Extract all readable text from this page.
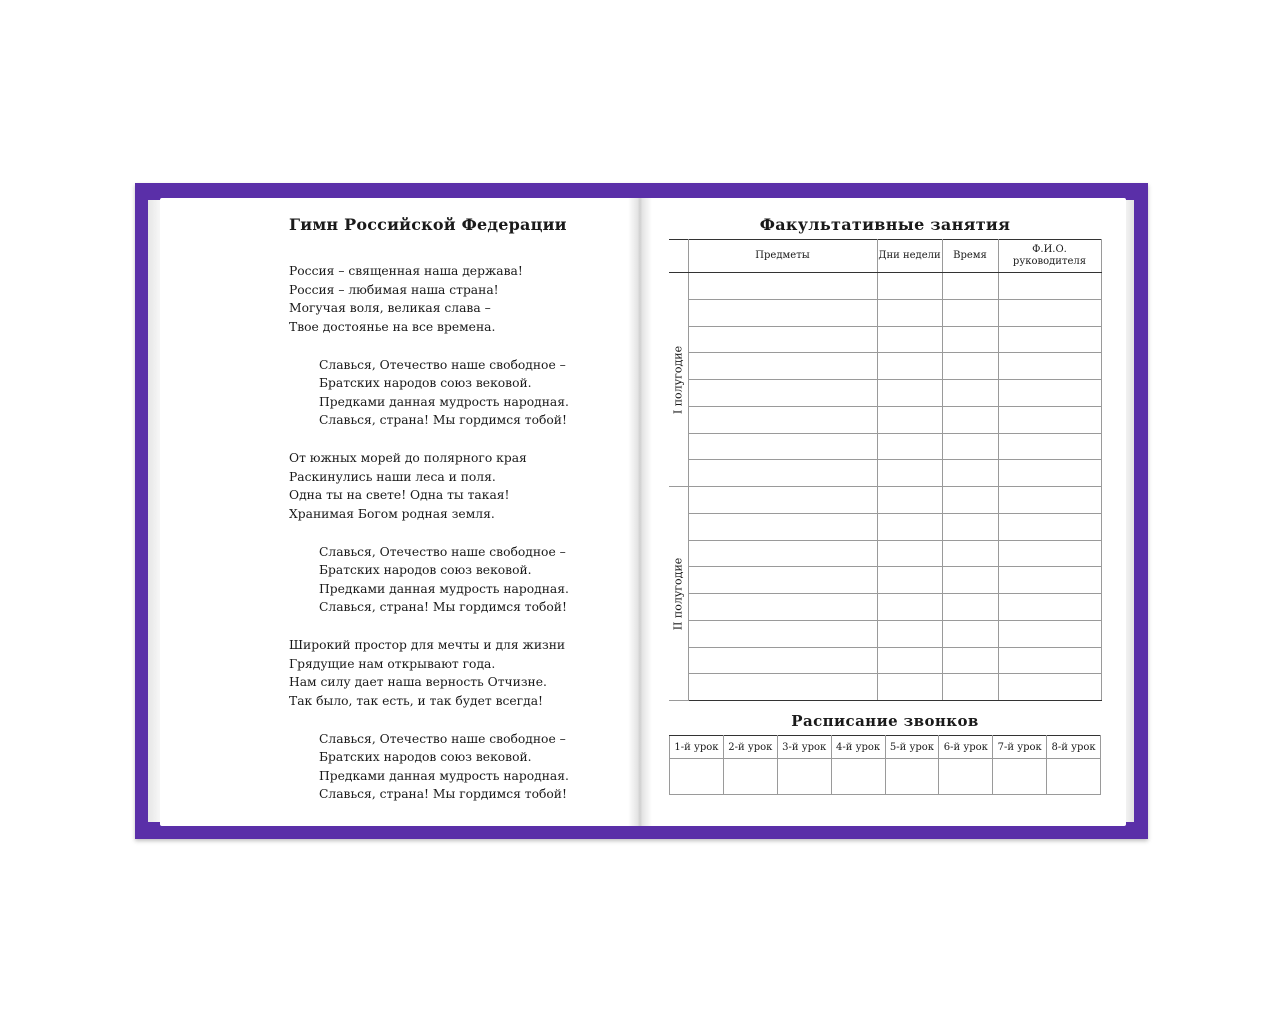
Гимн Российской Федерации
Россия – священная наша держава!
Россия – любимая наша страна!
Могучая воля, великая слава –
Твое достоянье на все времена.
Славься, Отечество наше свободное –
Братских народов союз вековой.
Предками данная мудрость народная.
Славься, страна! Мы гордимся тобой!
От южных морей до полярного края
Раскинулись наши леса и поля.
Одна ты на свете! Одна ты такая!
Хранимая Богом родная земля.
Славься, Отечество наше свободное –
Братских народов союз вековой.
Предками данная мудрость народная.
Славься, страна! Мы гордимся тобой!
Широкий простор для мечты и для жизни
Грядущие нам открывают года.
Нам силу дает наша верность Отчизне.
Так было, так есть, и так будет всегда!
Славься, Отечество наше свободное –
Братских народов союз вековой.
Предками данная мудрость народная.
Славься, страна! Мы гордимся тобой!
Факультативные занятия
	Предметы	Дни недели	Время	Ф.И.О. руководителя

I полугодие				

II полугодие				

Расписание звонков
1-й урок	2-й урок	3-й урок	4-й урок	5-й урок	6-й урок	7-й урок	8-й урок
